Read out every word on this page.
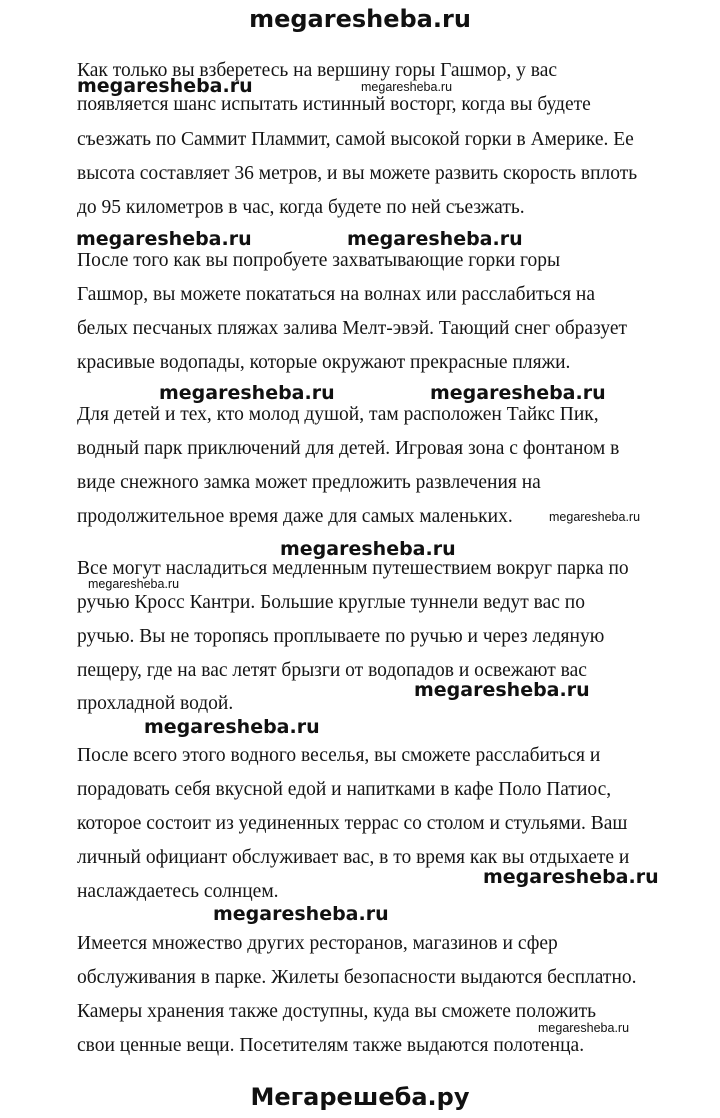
megaresheba.ru
Как только вы взберетесь на вершину горы Гашмор, у вас
появляется шанс испытать истинный восторг, когда вы будете
съезжать по Саммит Пламмит, самой высокой горки в Америке. Ее
высота составляет 36 метров, и вы можете развить скорость вплоть
до 95 километров в час, когда будете по ней съезжать.
После того как вы попробуете захватывающие горки горы
Гашмор, вы можете покататься на волнах или расслабиться на
белых песчаных пляжах залива Мелт-эвэй. Тающий снег образует
красивые водопады, которые окружают прекрасные пляжи.
Для детей и тех, кто молод душой, там расположен Тайкс Пик,
водный парк приключений для детей. Игровая зона с фонтаном в
виде снежного замка может предложить развлечения на
продолжительное время даже для самых маленьких.
Все могут насладиться медленным путешествием вокруг парка по
ручью Кросс Кантри. Большие круглые туннели ведут вас по
ручью. Вы не торопясь проплываете по ручью и через ледяную
пещеру, где на вас летят брызги от водопадов и освежают вас
прохладной водой.
После всего этого водного веселья, вы сможете расслабиться и
порадовать себя вкусной едой и напитками в кафе Поло Патиос,
которое состоит из уединенных террас со столом и стульями. Ваш
личный официант обслуживает вас, в то время как вы отдыхаете и
наслаждаетесь солнцем.
Имеется множество других ресторанов, магазинов и сфер
обслуживания в парке. Жилеты безопасности выдаются бесплатно.
Камеры хранения также доступны, куда вы сможете положить
свои ценные вещи. Посетителям также выдаются полотенца.
megaresheba.ru
megaresheba.ru	megaresheba.ru
megaresheba.ru	megaresheba.ru
megaresheba.ru
megaresheba.ru
megaresheba.ru
megaresheba.ru
megaresheba.ru
megaresheba.ru
megaresheba.ru
megaresheba.ru
megaresheba.ru
Мегарешеба.ру
